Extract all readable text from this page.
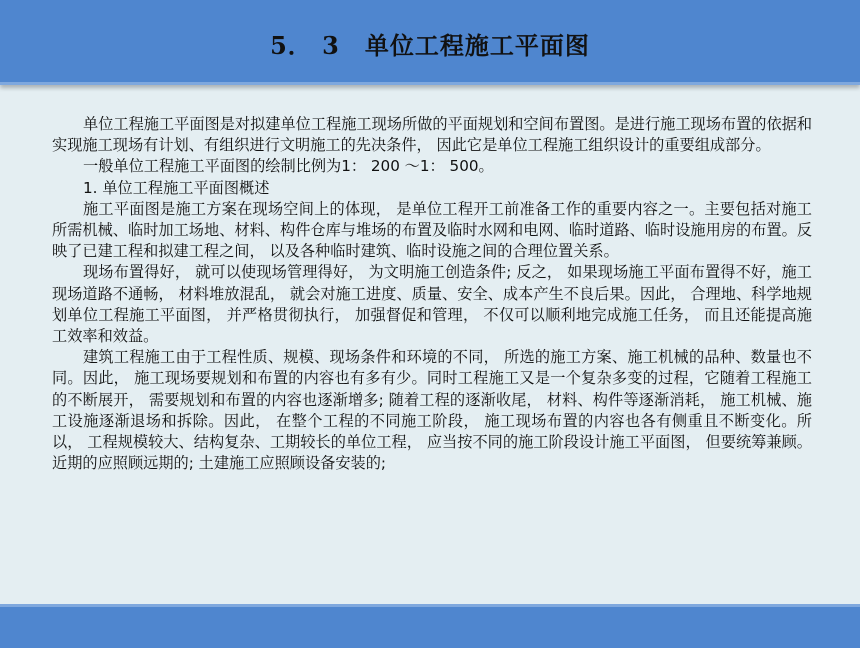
5． 3　单位工程施工平面图

单位工程施工平面图是对拟建单位工程施工现场所做的平面规划和空间布置图。是进行施工现场布置的依据和实现施工现场有计划、有组织进行文明施工的先决条件， 因此它是单位工程施工组织设计的重要组成部分。

一般单位工程施工平面图的绘制比例为1： 200 ～1： 500。

1. 单位工程施工平面图概述

施工平面图是施工方案在现场空间上的体现， 是单位工程开工前准备工作的重要内容之一。主要包括对施工所需机械、临时加工场地、材料、构件仓库与堆场的布置及临时水网和电网、临时道路、临时设施用房的布置。反映了已建工程和拟建工程之间， 以及各种临时建筑、临时设施之间的合理位置关系。

现场布置得好， 就可以使现场管理得好， 为文明施工创造条件; 反之， 如果现场施工平面布置得不好，施工现场道路不通畅， 材料堆放混乱， 就会对施工进度、质量、安全、成本产生不良后果。因此， 合理地、科学地规划单位工程施工平面图， 并严格贯彻执行， 加强督促和管理， 不仅可以顺利地完成施工任务， 而且还能提高施工效率和效益。

建筑工程施工由于工程性质、规模、现场条件和环境的不同， 所选的施工方案、施工机械的品种、数量也不同。因此， 施工现场要规划和布置的内容也有多有少。同时工程施工又是一个复杂多变的过程，它随着工程施工的不断展开， 需要规划和布置的内容也逐渐增多; 随着工程的逐渐收尾， 材料、构件等逐渐消耗， 施工机械、施工设施逐渐退场和拆除。因此， 在整个工程的不同施工阶段， 施工现场布置的内容也各有侧重且不断变化。所以， 工程规模较大、结构复杂、工期较长的单位工程， 应当按不同的施工阶段设计施工平面图， 但要统筹兼顾。近期的应照顾远期的; 土建施工应照顾设备安装的;
